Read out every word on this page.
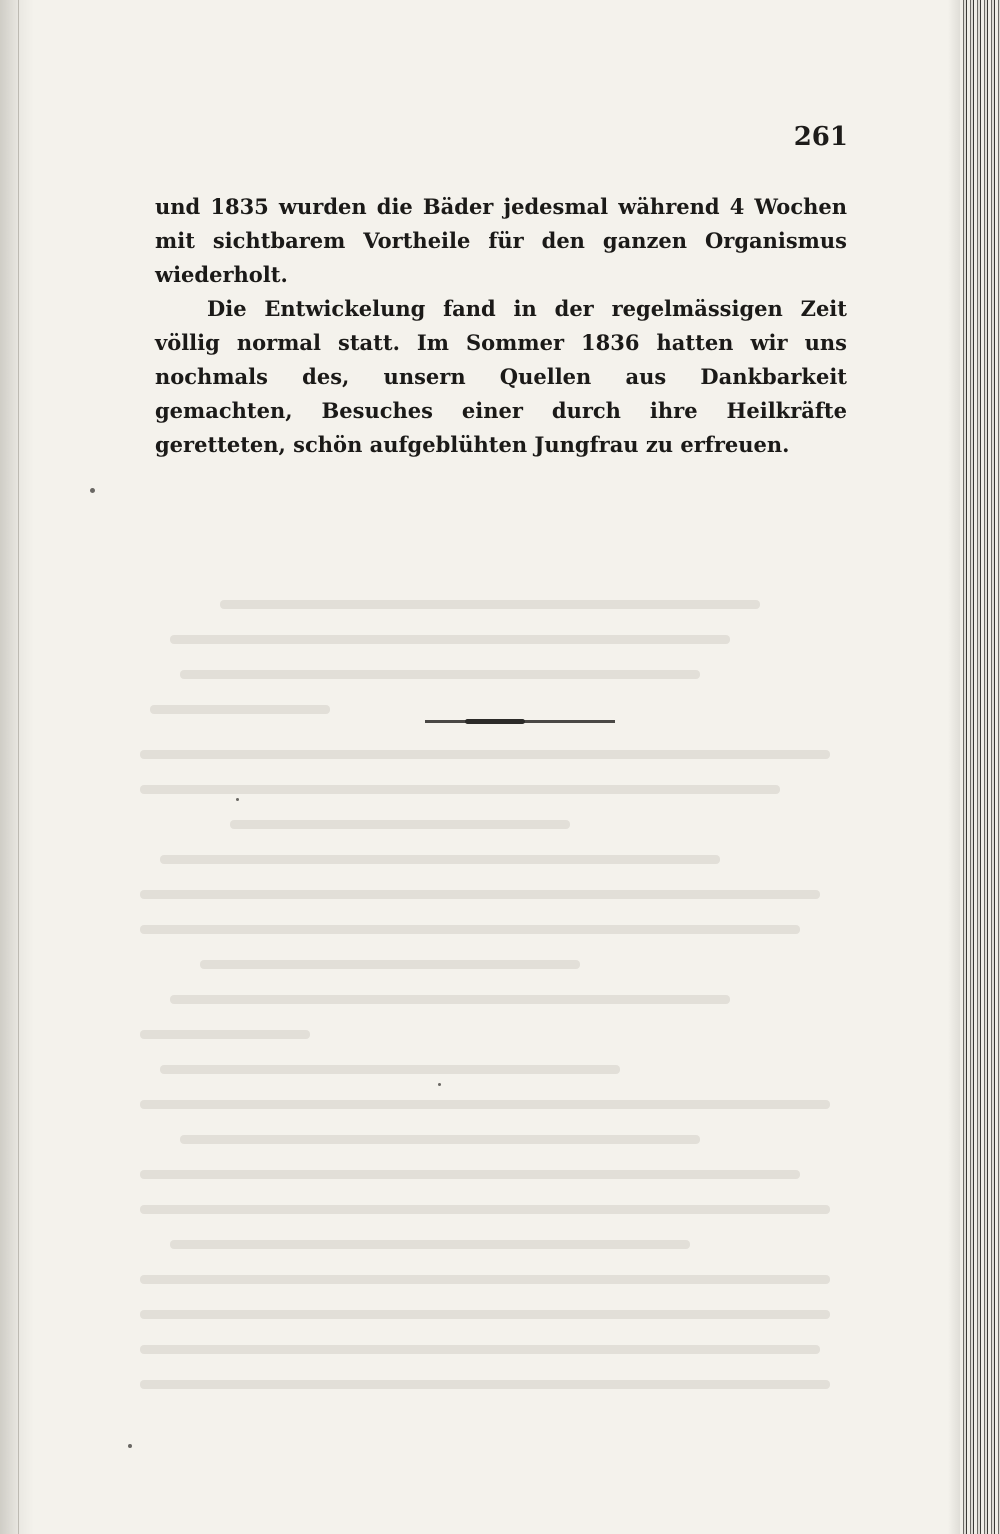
261

und 1835 wurden die Bäder jedesmal während 4 Wochen mit sichtbarem Vortheile für den ganzen Organismus wiederholt.

Die Entwickelung fand in der regelmässigen Zeit völlig normal statt. Im Sommer 1836 hatten wir uns nochmals des, unsern Quellen aus Dankbarkeit gemachten, Besuches einer durch ihre Heilkräfte geretteten, schön aufgeblühten Jungfrau zu erfreuen.
